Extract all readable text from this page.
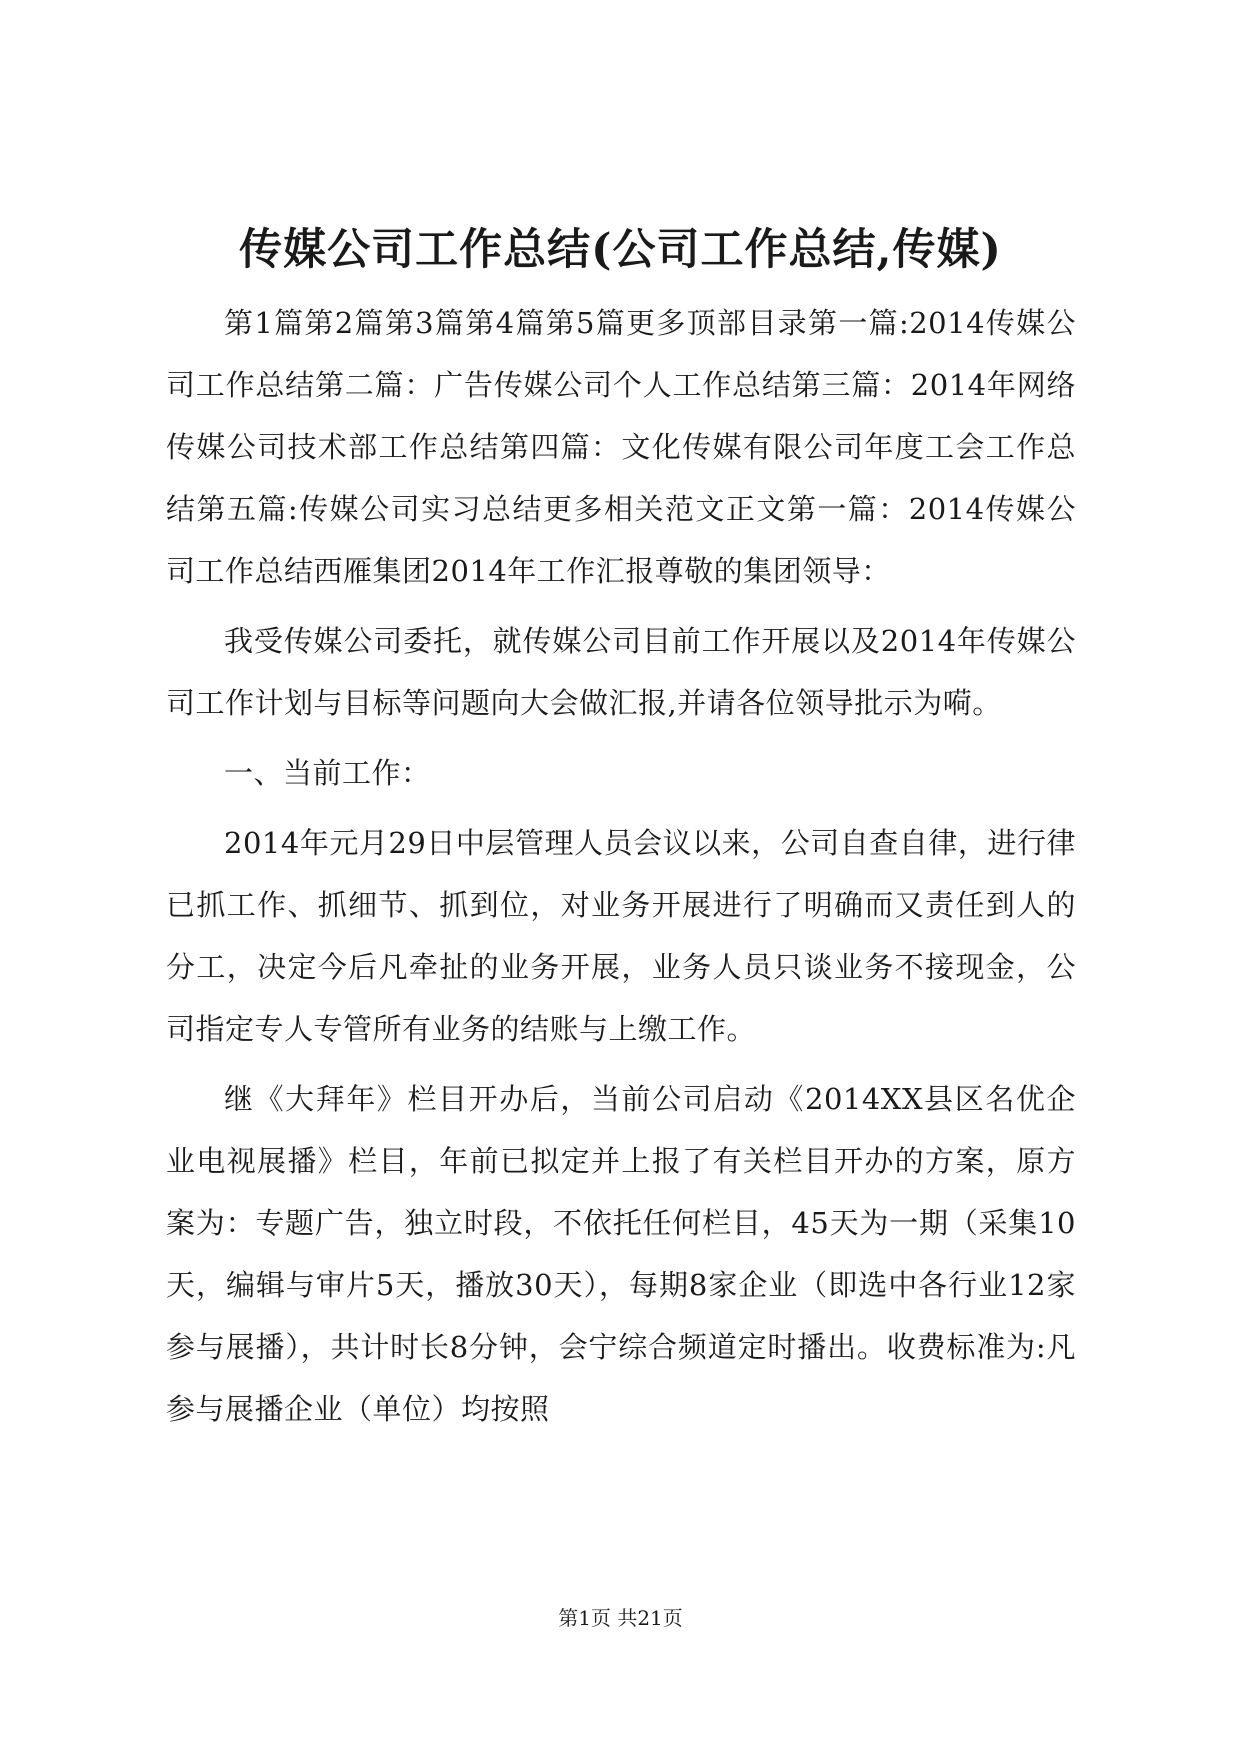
传媒公司工作总结(公司工作总结,传媒)

第1篇第2篇第3篇第4篇第5篇更多顶部目录第一篇:2014传媒公司工作总结第二篇：广告传媒公司个人工作总结第三篇：2014年网络传媒公司技术部工作总结第四篇：文化传媒有限公司年度工会工作总结第五篇:传媒公司实习总结更多相关范文正文第一篇：2014传媒公司工作总结西雁集团2014年工作汇报尊敬的集团领导：

我受传媒公司委托，就传媒公司目前工作开展以及2014年传媒公司工作计划与目标等问题向大会做汇报,并请各位领导批示为嗬。

一、当前工作：

2014年元月29日中层管理人员会议以来，公司自查自律，进行律已抓工作、抓细节、抓到位，对业务开展进行了明确而又责任到人的分工，决定今后凡牵扯的业务开展，业务人员只谈业务不接现金，公司指定专人专管所有业务的结账与上缴工作。

继《大拜年》栏目开办后，当前公司启动《2014XX县区名优企业电视展播》栏目，年前已拟定并上报了有关栏目开办的方案，原方案为：专题广告，独立时段，不依托任何栏目，45天为一期（采集10天，编辑与审片5天，播放30天），每期8家企业（即选中各行业12家参与展播），共计时长8分钟，会宁综合频道定时播出。收费标准为:凡参与展播企业（单位）均按照

第1页 共21页
